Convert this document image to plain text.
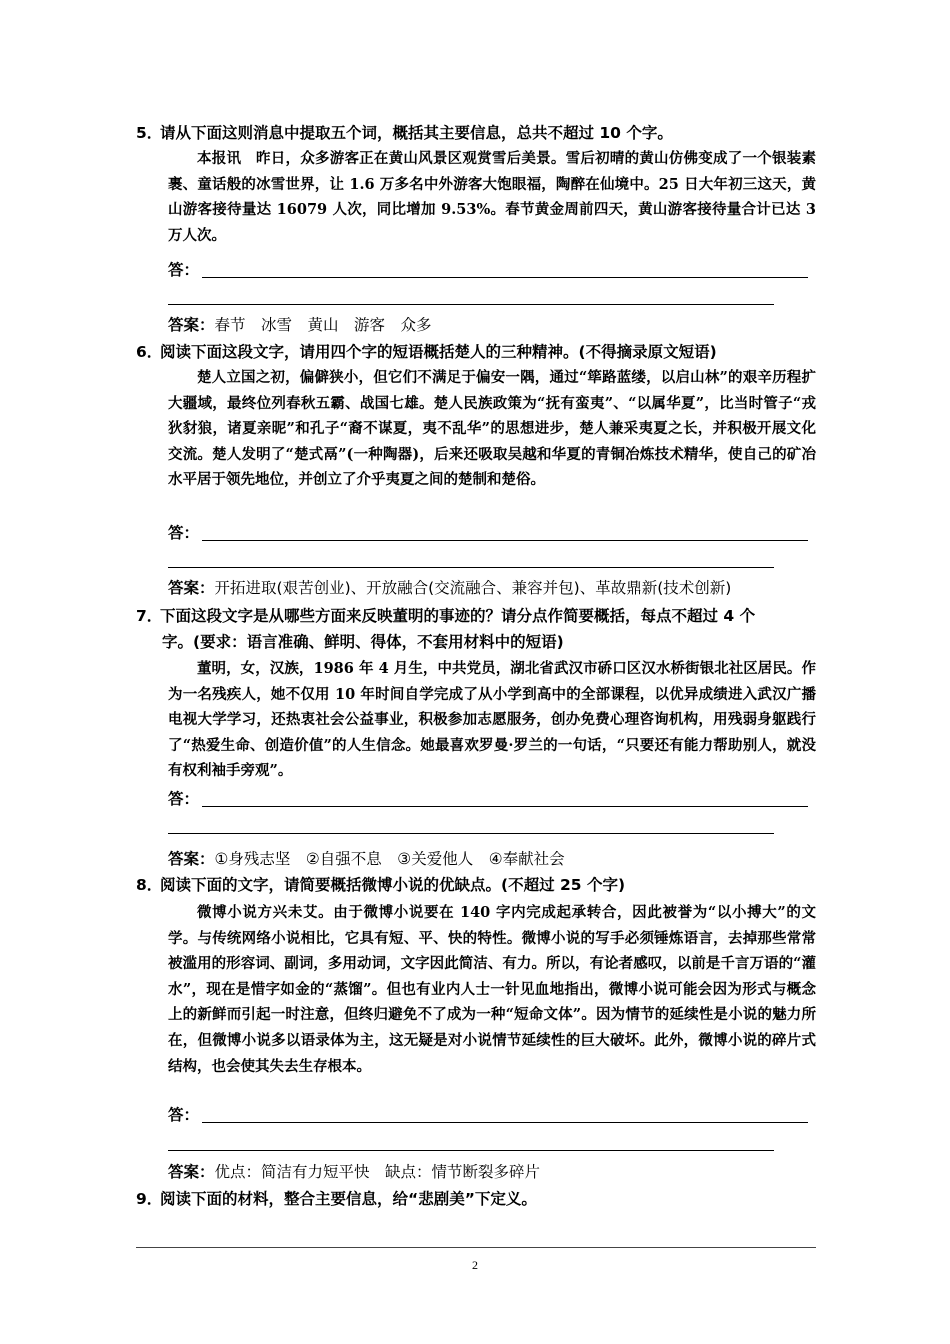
5．请从下面这则消息中提取五个词，概括其主要信息，总共不超过 10 个字。
本报讯　昨日，众多游客正在黄山风景区观赏雪后美景。雪后初晴的黄山仿佛变成了一个银装素裹、童话般的冰雪世界，让 1.6 万多名中外游客大饱眼福，陶醉在仙境中。25 日大年初三这天，黄山游客接待量达 16079 人次，同比增加 9.53%。春节黄金周前四天，黄山游客接待量合计已达 3 万人次。
答：
答案：春节　冰雪　黄山　游客　众多
6．阅读下面这段文字，请用四个字的短语概括楚人的三种精神。(不得摘录原文短语)
楚人立国之初，偏僻狭小，但它们不满足于偏安一隅，通过“筚路蓝缕，以启山林”的艰辛历程扩大疆域，最终位列春秋五霸、战国七雄。楚人民族政策为“抚有蛮夷”、“以属华夏”，比当时管子“戎狄豺狼，诸夏亲昵”和孔子“裔不谋夏，夷不乱华”的思想进步，楚人兼采夷夏之长，并积极开展文化交流。楚人发明了“楚式鬲”(一种陶器)，后来还吸取吴越和华夏的青铜冶炼技术精华，使自己的矿冶水平居于领先地位，并创立了介乎夷夏之间的楚制和楚俗。
答：
答案：开拓进取(艰苦创业)、开放融合(交流融合、兼容并包)、革故鼎新(技术创新)
7．下面这段文字是从哪些方面来反映董明的事迹的？请分点作简要概括，每点不超过 4 个
字。(要求：语言准确、鲜明、得体，不套用材料中的短语)
董明，女，汉族，1986 年 4 月生，中共党员，湖北省武汉市硚口区汉水桥街银北社区居民。作为一名残疾人，她不仅用 10 年时间自学完成了从小学到高中的全部课程，以优异成绩进入武汉广播电视大学学习，还热衷社会公益事业，积极参加志愿服务，创办免费心理咨询机构，用残弱身躯践行了“热爱生命、创造价值”的人生信念。她最喜欢罗曼·罗兰的一句话，“只要还有能力帮助别人，就没有权利袖手旁观”。
答：
答案：①身残志坚　②自强不息　③关爱他人　④奉献社会
8．阅读下面的文字，请简要概括微博小说的优缺点。(不超过 25 个字)
微博小说方兴未艾。由于微博小说要在 140 字内完成起承转合，因此被誉为“以小搏大”的文学。与传统网络小说相比，它具有短、平、快的特性。微博小说的写手必须锤炼语言，去掉那些常常被滥用的形容词、副词，多用动词，文字因此简洁、有力。所以，有论者感叹，以前是千言万语的“灌水”，现在是惜字如金的“蒸馏”。但也有业内人士一针见血地指出，微博小说可能会因为形式与概念上的新鲜而引起一时注意，但终归避免不了成为一种“短命文体”。因为情节的延续性是小说的魅力所在，但微博小说多以语录体为主，这无疑是对小说情节延续性的巨大破坏。此外，微博小说的碎片式结构，也会使其失去生存根本。
答：
答案：优点：简洁有力短平快　缺点：情节断裂多碎片
9．阅读下面的材料，整合主要信息，给“悲剧美”下定义。
2
